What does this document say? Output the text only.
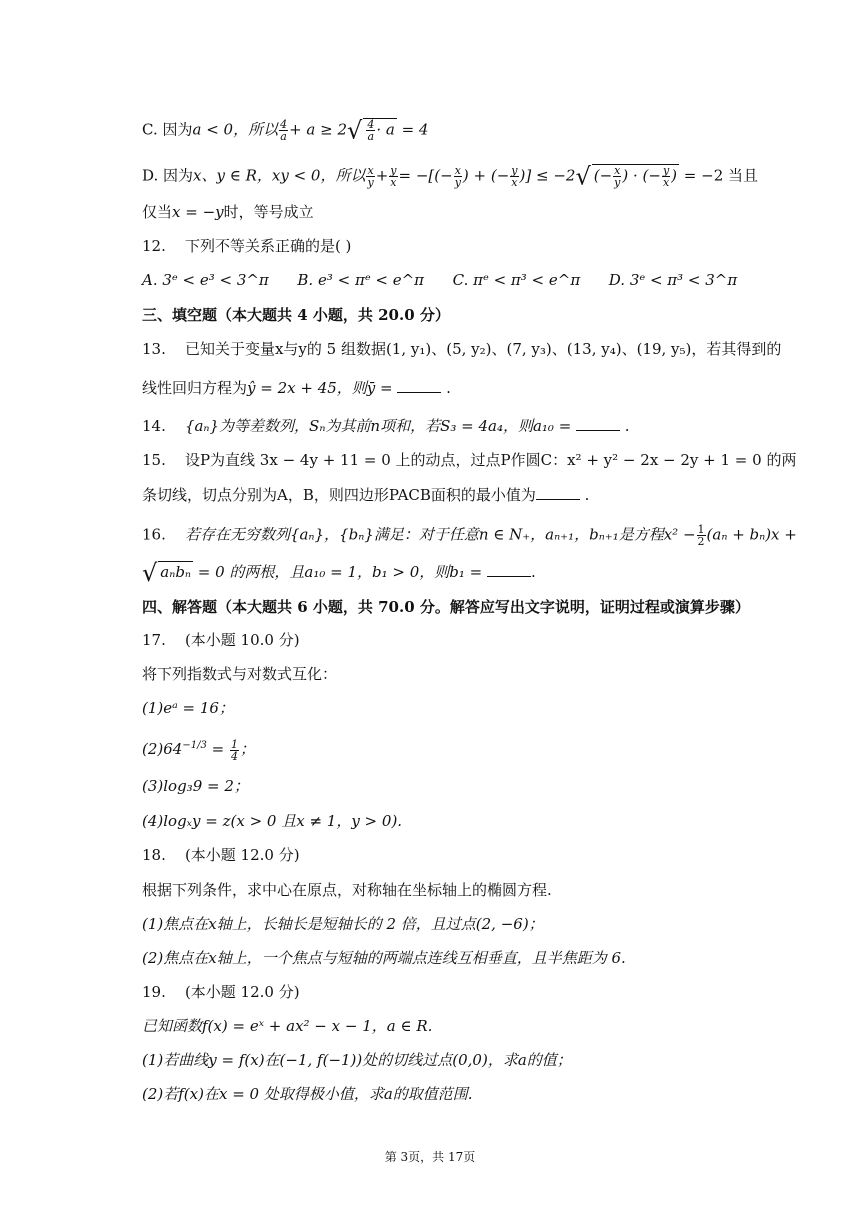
C. 因为a < 0，所以 $\frac{4}{a} + a \ge 2√ \frac{4}{a} \cdot a = 4$
D. 因为x、y ∈ R，xy < 0，所以 $\frac{x}{y} + \frac{y}{x}$ = −[(− $\frac{x}{y}$ ) + (− $\frac{y}{x}$ )] ≤ −2√ (− $\frac{x}{y}$ ) · (− $\frac{y}{x}$ ) = −2 当且
仅当x = −y时，等号成立
12. 下列不等关系正确的是( )
A. 3ᵉ < e³ < 3^π B. e³ < πᵉ < e^π C. πᵉ < π³ < e^π D. 3ᵉ < π³ < 3^π
三、填空题（本大题共 4 小题，共 20.0 分）
13. 已知关于变量x与y的 5 组数据(1, y₁)、(5, y₂)、(7, y₃)、(13, y₄)、(19, y₅)，若其得到的
线性回归方程为ŷ = 2x + 45，则ȳ =	.
14. {aₙ}为等差数列，Sₙ为其前n项和，若S₃ = 4a₄，则a₁₀ =	.
15. 设P为直线 3x − 4y + 11 = 0 上的动点，过点P作圆C：x² + y² − 2x − 2y + 1 = 0 的两
条切线，切点分别为A，B，则四边形PACB面积的最小值为	.
16. 若存在无穷数列{aₙ}，{bₙ}满足：对于任意n ∈ N₊，aₙ₊₁，bₙ₊₁是方程$x^2 - \frac{1}{2} (a_n + b_n)x$ +
√ aₙbₙ = 0 的两根，且a₁₀ = 1，b₁ > 0，则b₁ =	.
四、解答题（本大题共 6 小题，共 70.0 分。解答应写出文字说明，证明过程或演算步骤）
17. (本小题 10.0 分)
将下列指数式与对数式互化：
(1)eᵃ = 16；
$(2)64^{-1/3} = \frac{1}{4}$ ；
(3)log₃9 = 2；
(4)logₓy = z(x > 0 且x ≠ 1，y > 0).
18. (本小题 12.0 分)
根据下列条件，求中心在原点，对称轴在坐标轴上的椭圆方程.
(1)焦点在x轴上，长轴长是短轴长的 2 倍，且过点(2, −6)；
(2)焦点在x轴上，一个焦点与短轴的两端点连线互相垂直，且半焦距为 6.
19. (本小题 12.0 分)
已知函数f(x) = eˣ + ax² − x − 1，a ∈ R.
(1)若曲线y = f(x)在(−1, f(−1))处的切线过点(0,0)，求a的值；
(2)若f(x)在x = 0 处取得极小值，求a的取值范围.
第 3页，共 17页
